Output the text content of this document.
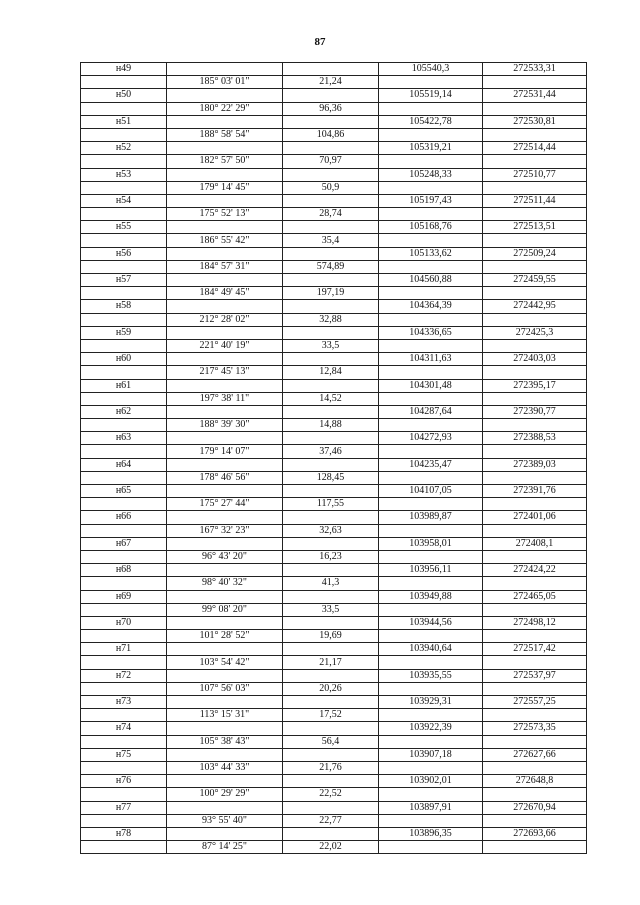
87
н49			105540,3	272533,31
	185° 03' 01"	21,24		
н50			105519,14	272531,44
	180° 22' 29"	96,36		
н51			105422,78	272530,81
	188° 58' 54"	104,86		
н52			105319,21	272514,44
	182° 57' 50"	70,97		
н53			105248,33	272510,77
	179° 14' 45"	50,9		
н54			105197,43	272511,44
	175° 52' 13"	28,74		
н55			105168,76	272513,51
	186° 55' 42"	35,4		
н56			105133,62	272509,24
	184° 57' 31"	574,89		
н57			104560,88	272459,55
	184° 49' 45"	197,19		
н58			104364,39	272442,95
	212° 28' 02"	32,88		
н59			104336,65	272425,3
	221° 40' 19"	33,5		
н60			104311,63	272403,03
	217° 45' 13"	12,84		
н61			104301,48	272395,17
	197° 38' 11"	14,52		
н62			104287,64	272390,77
	188° 39' 30"	14,88		
н63			104272,93	272388,53
	179° 14' 07"	37,46		
н64			104235,47	272389,03
	178° 46' 56"	128,45		
н65			104107,05	272391,76
	175° 27' 44"	117,55		
н66			103989,87	272401,06
	167° 32' 23"	32,63		
н67			103958,01	272408,1
	96° 43' 20"	16,23		
н68			103956,11	272424,22
	98° 40' 32"	41,3		
н69			103949,88	272465,05
	99° 08' 20"	33,5		
н70			103944,56	272498,12
	101° 28' 52"	19,69		
н71			103940,64	272517,42
	103° 54' 42"	21,17		
н72			103935,55	272537,97
	107° 56' 03"	20,26		
н73			103929,31	272557,25
	113° 15' 31"	17,52		
н74			103922,39	272573,35
	105° 38' 43"	56,4		
н75			103907,18	272627,66
	103° 44' 33"	21,76		
н76			103902,01	272648,8
	100° 29' 29"	22,52		
н77			103897,91	272670,94
	93° 55' 40"	22,77		
н78			103896,35	272693,66
	87° 14' 25"	22,02		
